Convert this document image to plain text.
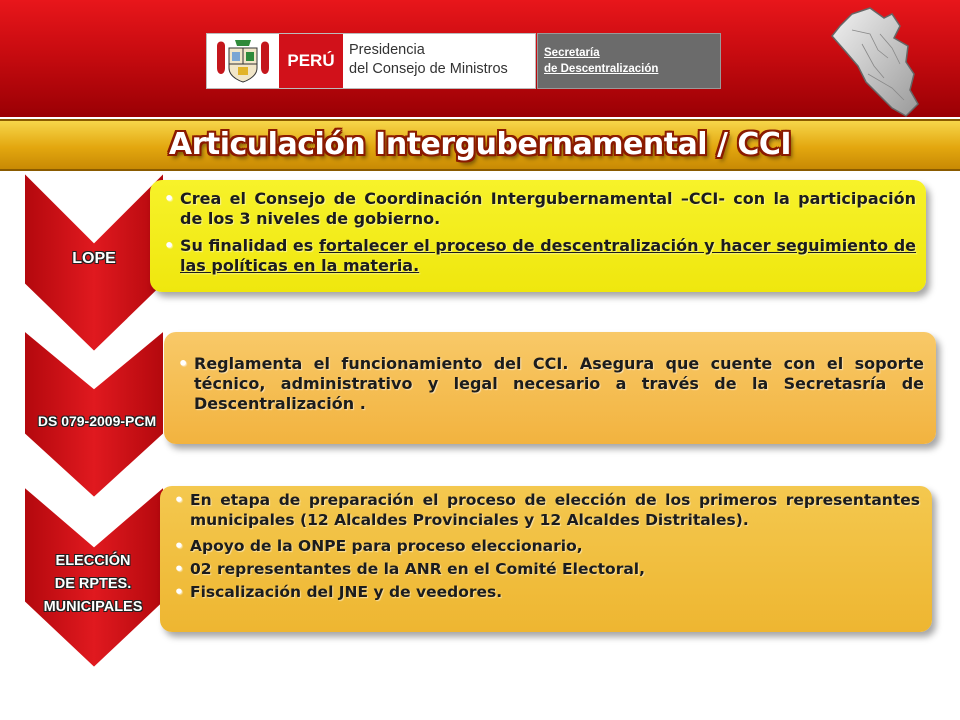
PERÚ
Presidencia
del Consejo de Ministros
Secretaría
de Descentralización
Articulación Intergubernamental / CCI
LOPE
• Crea el Consejo de Coordinación Intergubernamental –CCI- con la participación de los 3 niveles de gobierno.
• Su finalidad es fortalecer el proceso de descentralización y hacer seguimiento de las políticas en la materia.
DS 079-2009-PCM
• Reglamenta el funcionamiento del CCI. Asegura que cuente con el soporte técnico, administrativo y legal necesario a través de la Secretasría de Descentralización .
ELECCIÓN
DE RPTES.
MUNICIPALES
• En etapa de preparación el proceso de elección de los primeros representantes municipales (12 Alcaldes Provinciales y 12 Alcaldes Distritales).
• Apoyo de la ONPE para proceso eleccionario,
• 02 representantes de la ANR en el Comité Electoral,
• Fiscalización del JNE y de veedores.
